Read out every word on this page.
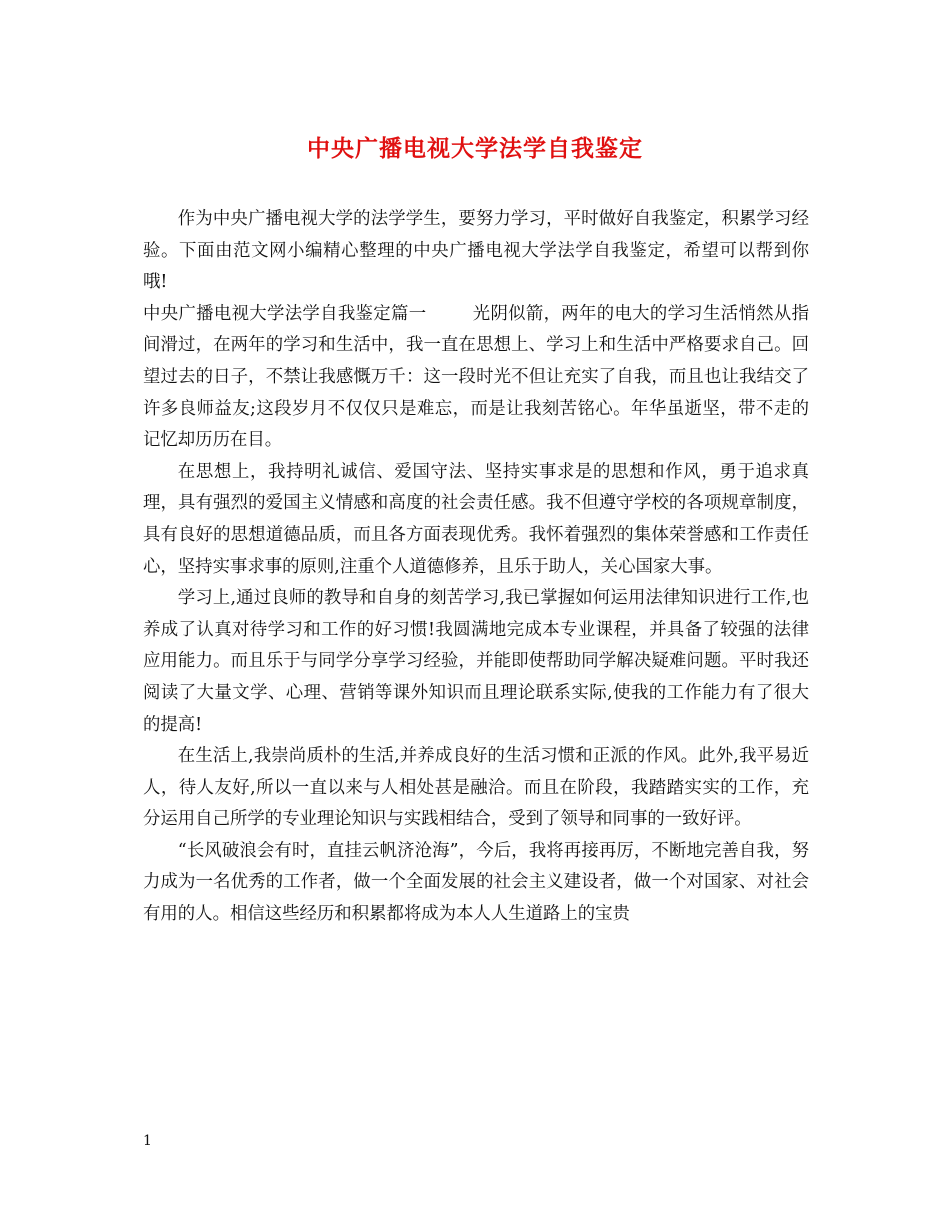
中央广播电视大学法学自我鉴定

作为中央广播电视大学的法学学生，要努力学习，平时做好自我鉴定，积累学习经验。下面由范文网小编精心整理的中央广播电视大学法学自我鉴定，希望可以帮到你哦!

中央广播电视大学法学自我鉴定篇一	光阴似箭，两年的电大的学习生活悄然从指间滑过，在两年的学习和生活中，我一直在思想上、学习上和生活中严格要求自己。回望过去的日子，不禁让我感慨万千：这一段时光不但让充实了自我，而且也让我结交了许多良师益友;这段岁月不仅仅只是难忘，而是让我刻苦铭心。年华虽逝坚，带不走的记忆却历历在目。

在思想上，我持明礼诚信、爱国守法、坚持实事求是的思想和作风，勇于追求真理，具有强烈的爱国主义情感和高度的社会责任感。我不但遵守学校的各项规章制度，具有良好的思想道德品质，而且各方面表现优秀。我怀着强烈的集体荣誉感和工作责任心，坚持实事求事的原则,注重个人道德修养，且乐于助人，关心国家大事。

学习上,通过良师的教导和自身的刻苦学习,我已掌握如何运用法律知识进行工作,也养成了认真对待学习和工作的好习惯!我圆满地完成本专业课程，并具备了较强的法律应用能力。而且乐于与同学分享学习经验，并能即使帮助同学解决疑难问题。平时我还阅读了大量文学、心理、营销等课外知识而且理论联系实际,使我的工作能力有了很大的提高!

在生活上,我崇尚质朴的生活,并养成良好的生活习惯和正派的作风。此外,我平易近人，待人友好,所以一直以来与人相处甚是融洽。而且在阶段，我踏踏实实的工作，充分运用自己所学的专业理论知识与实践相结合，受到了领导和同事的一致好评。

“长风破浪会有时，直挂云帆济沧海”，今后，我将再接再厉，不断地完善自我，努力成为一名优秀的工作者，做一个全面发展的社会主义建设者，做一个对国家、对社会有用的人。相信这些经历和积累都将成为本人人生道路上的宝贵

1
